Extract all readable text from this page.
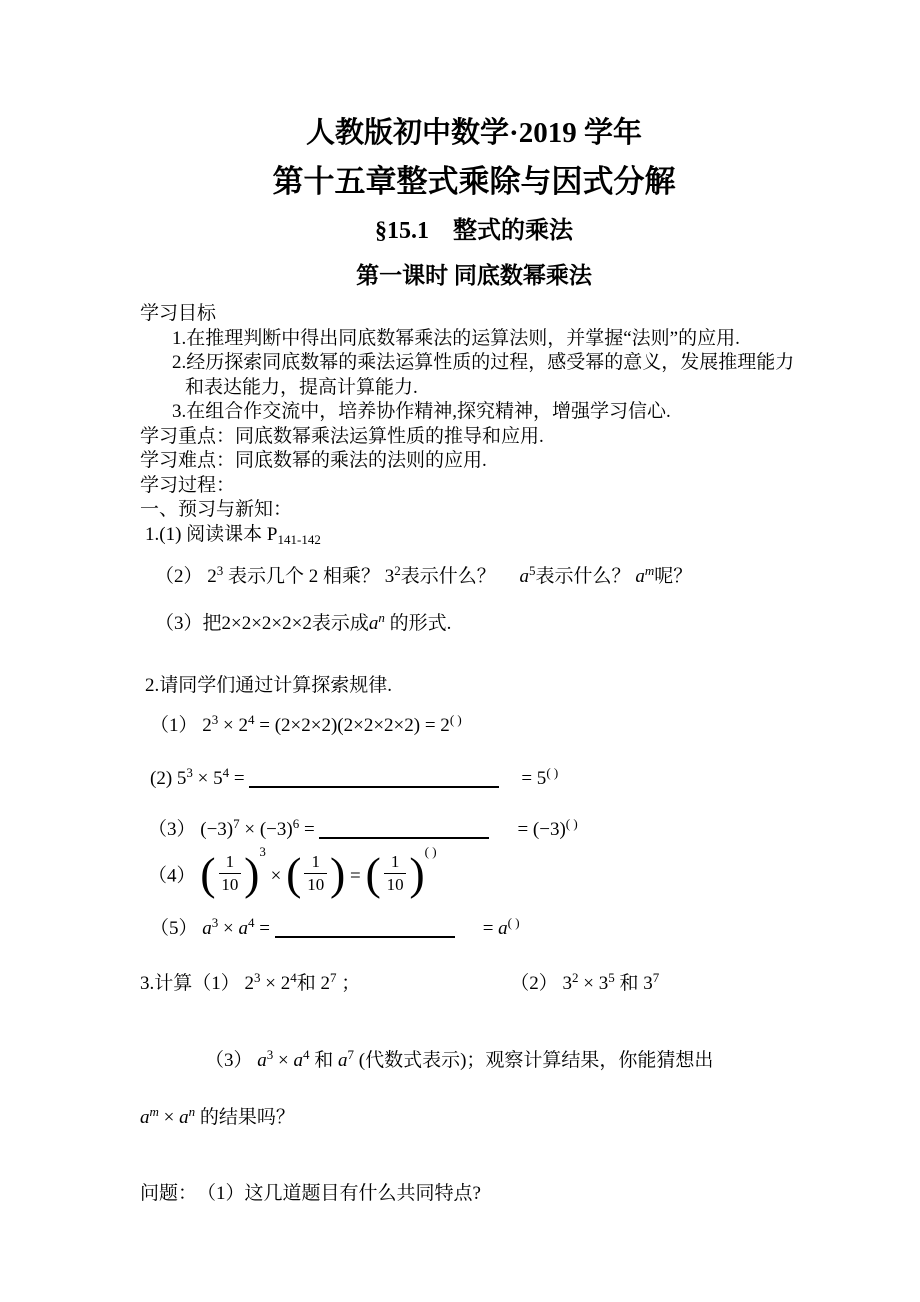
人教版初中数学·2019 学年
第十五章整式乘除与因式分解
§15.1　整式的乘法
第一课时 同底数幂乘法

学习目标

1.在推理判断中得出同底数幂乘法的运算法则，并掌握“法则”的应用.

2.经历探索同底数幂的乘法运算性质的过程，感受幂的意义，发展推理能力和表达能力，提高计算能力.

3.在组合作交流中，培养协作精神,探究精神，增强学习信心.

学习重点：同底数幂乘法运算性质的推导和应用.

学习难点：同底数幂的乘法的法则的应用.

学习过程：

一、预习与新知：

1.(1) 阅读课本 $P_{141-142}$
（2） $2^3$ 表示几个 2 相乘？ $3^2$表示什么？　 $a^5$表示什么？ $a^m$呢？
（3）把2×2×2×2×2表示成$a^n$ 的形式.

2.请同学们通过计算探索规律.

（1） $2^3 \times 2^4 = (2\times 2\times 2)(2\times 2\times 2\times 2) = 2^{( )}$
(2) $5^3 \times 5^4$ =	= 5( )
（3） $(-3)^7 \times (-3)^6$ =	= (−3)( )
（4） ( $\frac{1}{10} )^3$ × ( $\frac{1}{10}$ ) = ( $\frac{1}{10} )^{( )}$
（5） $a^3 \times a^4$ =	= a( )
3.计算（1） $2^3 \times 2^4$和 $2^7$ ；	（2） $3^2 \times 3^5$ 和 $3^7$
（3） $a^3 \times a^4$ 和 $a^7$ (代数式表示)；观察计算结果，你能猜想出
$a^m \times a^n$ 的结果吗？

问题：　（1）这几道题目有什么共同特点?
